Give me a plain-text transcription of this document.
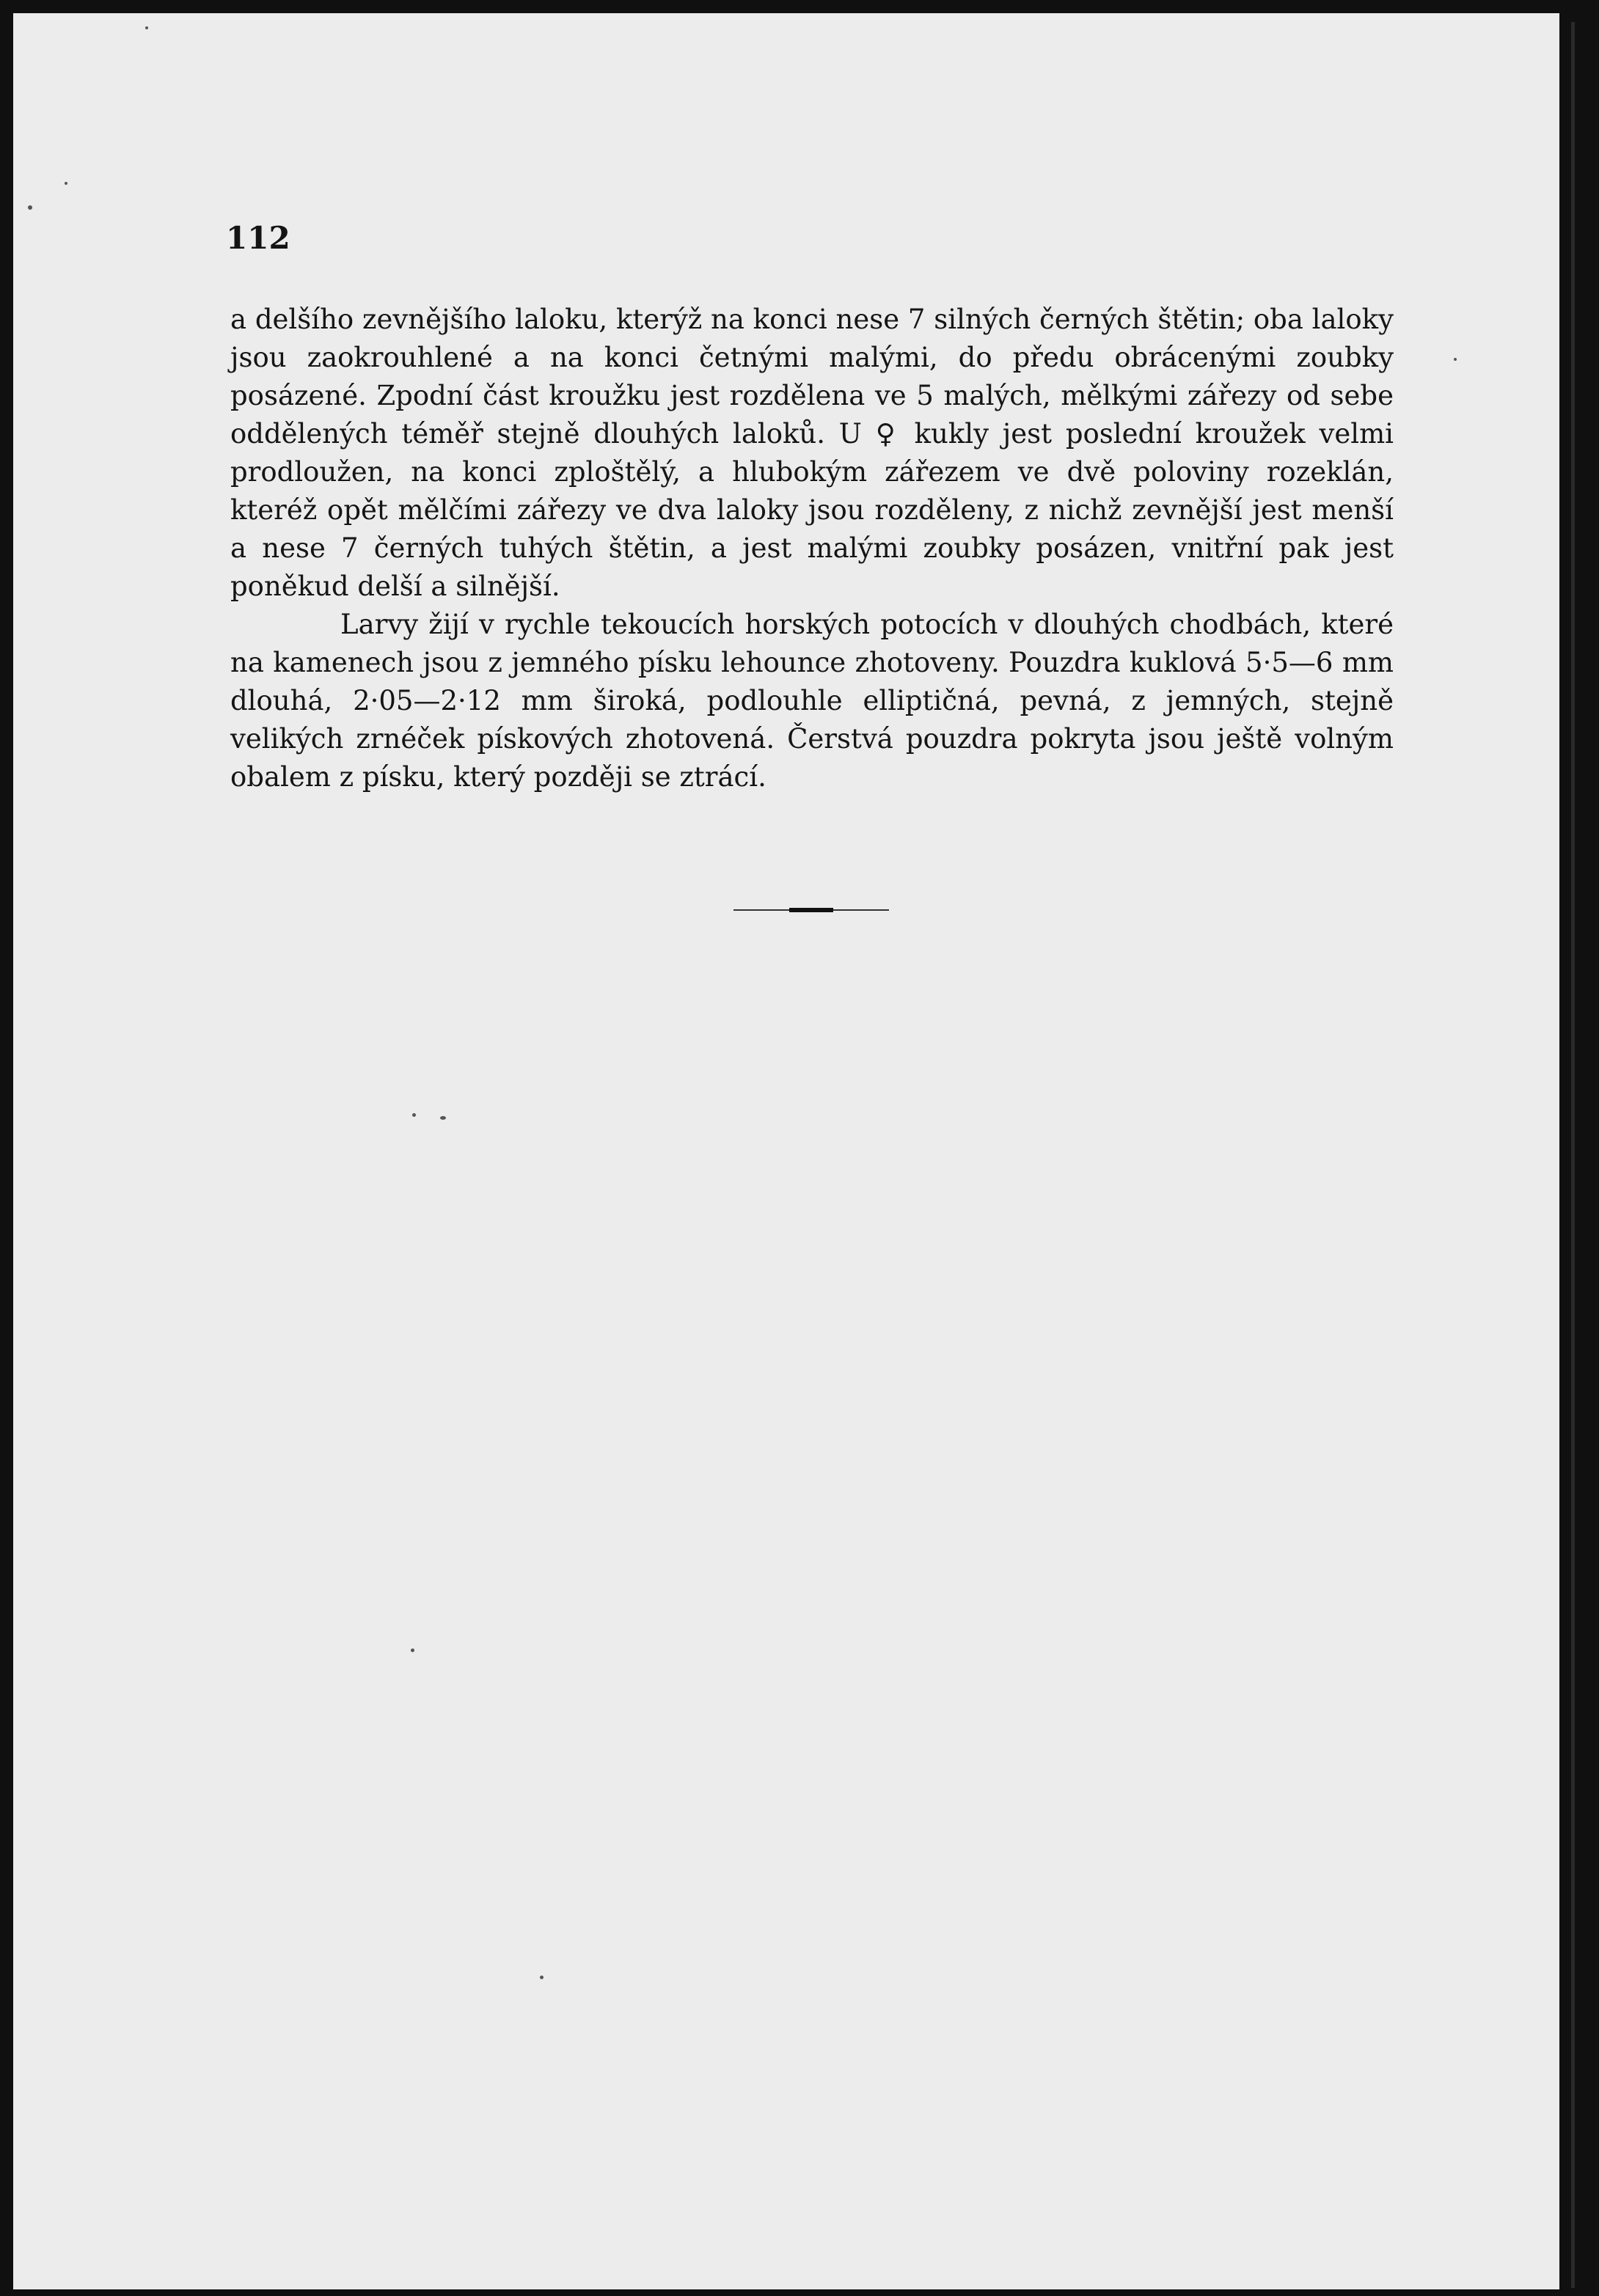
112

a delšího zevnějšího laloku, kterýž na konci nese 7 silných černých štětin; oba laloky jsou zaokrouhlené a na konci četnými malými, do předu obrácenými zoubky posázené. Zpodní část kroužku jest rozdělena ve 5 malých, mělkými zářezy od sebe oddělených téměř stejně dlouhých laloků. U ♀ kukly jest poslední kroužek velmi prodloužen, na konci zploštělý, a hlubokým zářezem ve dvě poloviny rozeklán, kteréž opět mělčími zářezy ve dva laloky jsou rozděleny, z nichž zevnější jest menší a nese 7 černých tuhých štětin, a jest malými zoubky posázen, vnitřní pak jest poněkud delší a silnější.

Larvy žijí v rychle tekoucích horských potocích v dlouhých chodbách, které na kamenech jsou z jemného písku lehounce zhotoveny. Pouzdra kuklová 5·5—6 mm dlouhá, 2·05—2·12 mm široká, podlouhle elliptičná, pevná, z jemných, stejně velikých zrnéček pískových zhotovená. Čerstvá pouzdra pokryta jsou ještě volným obalem z písku, který později se ztrácí.
